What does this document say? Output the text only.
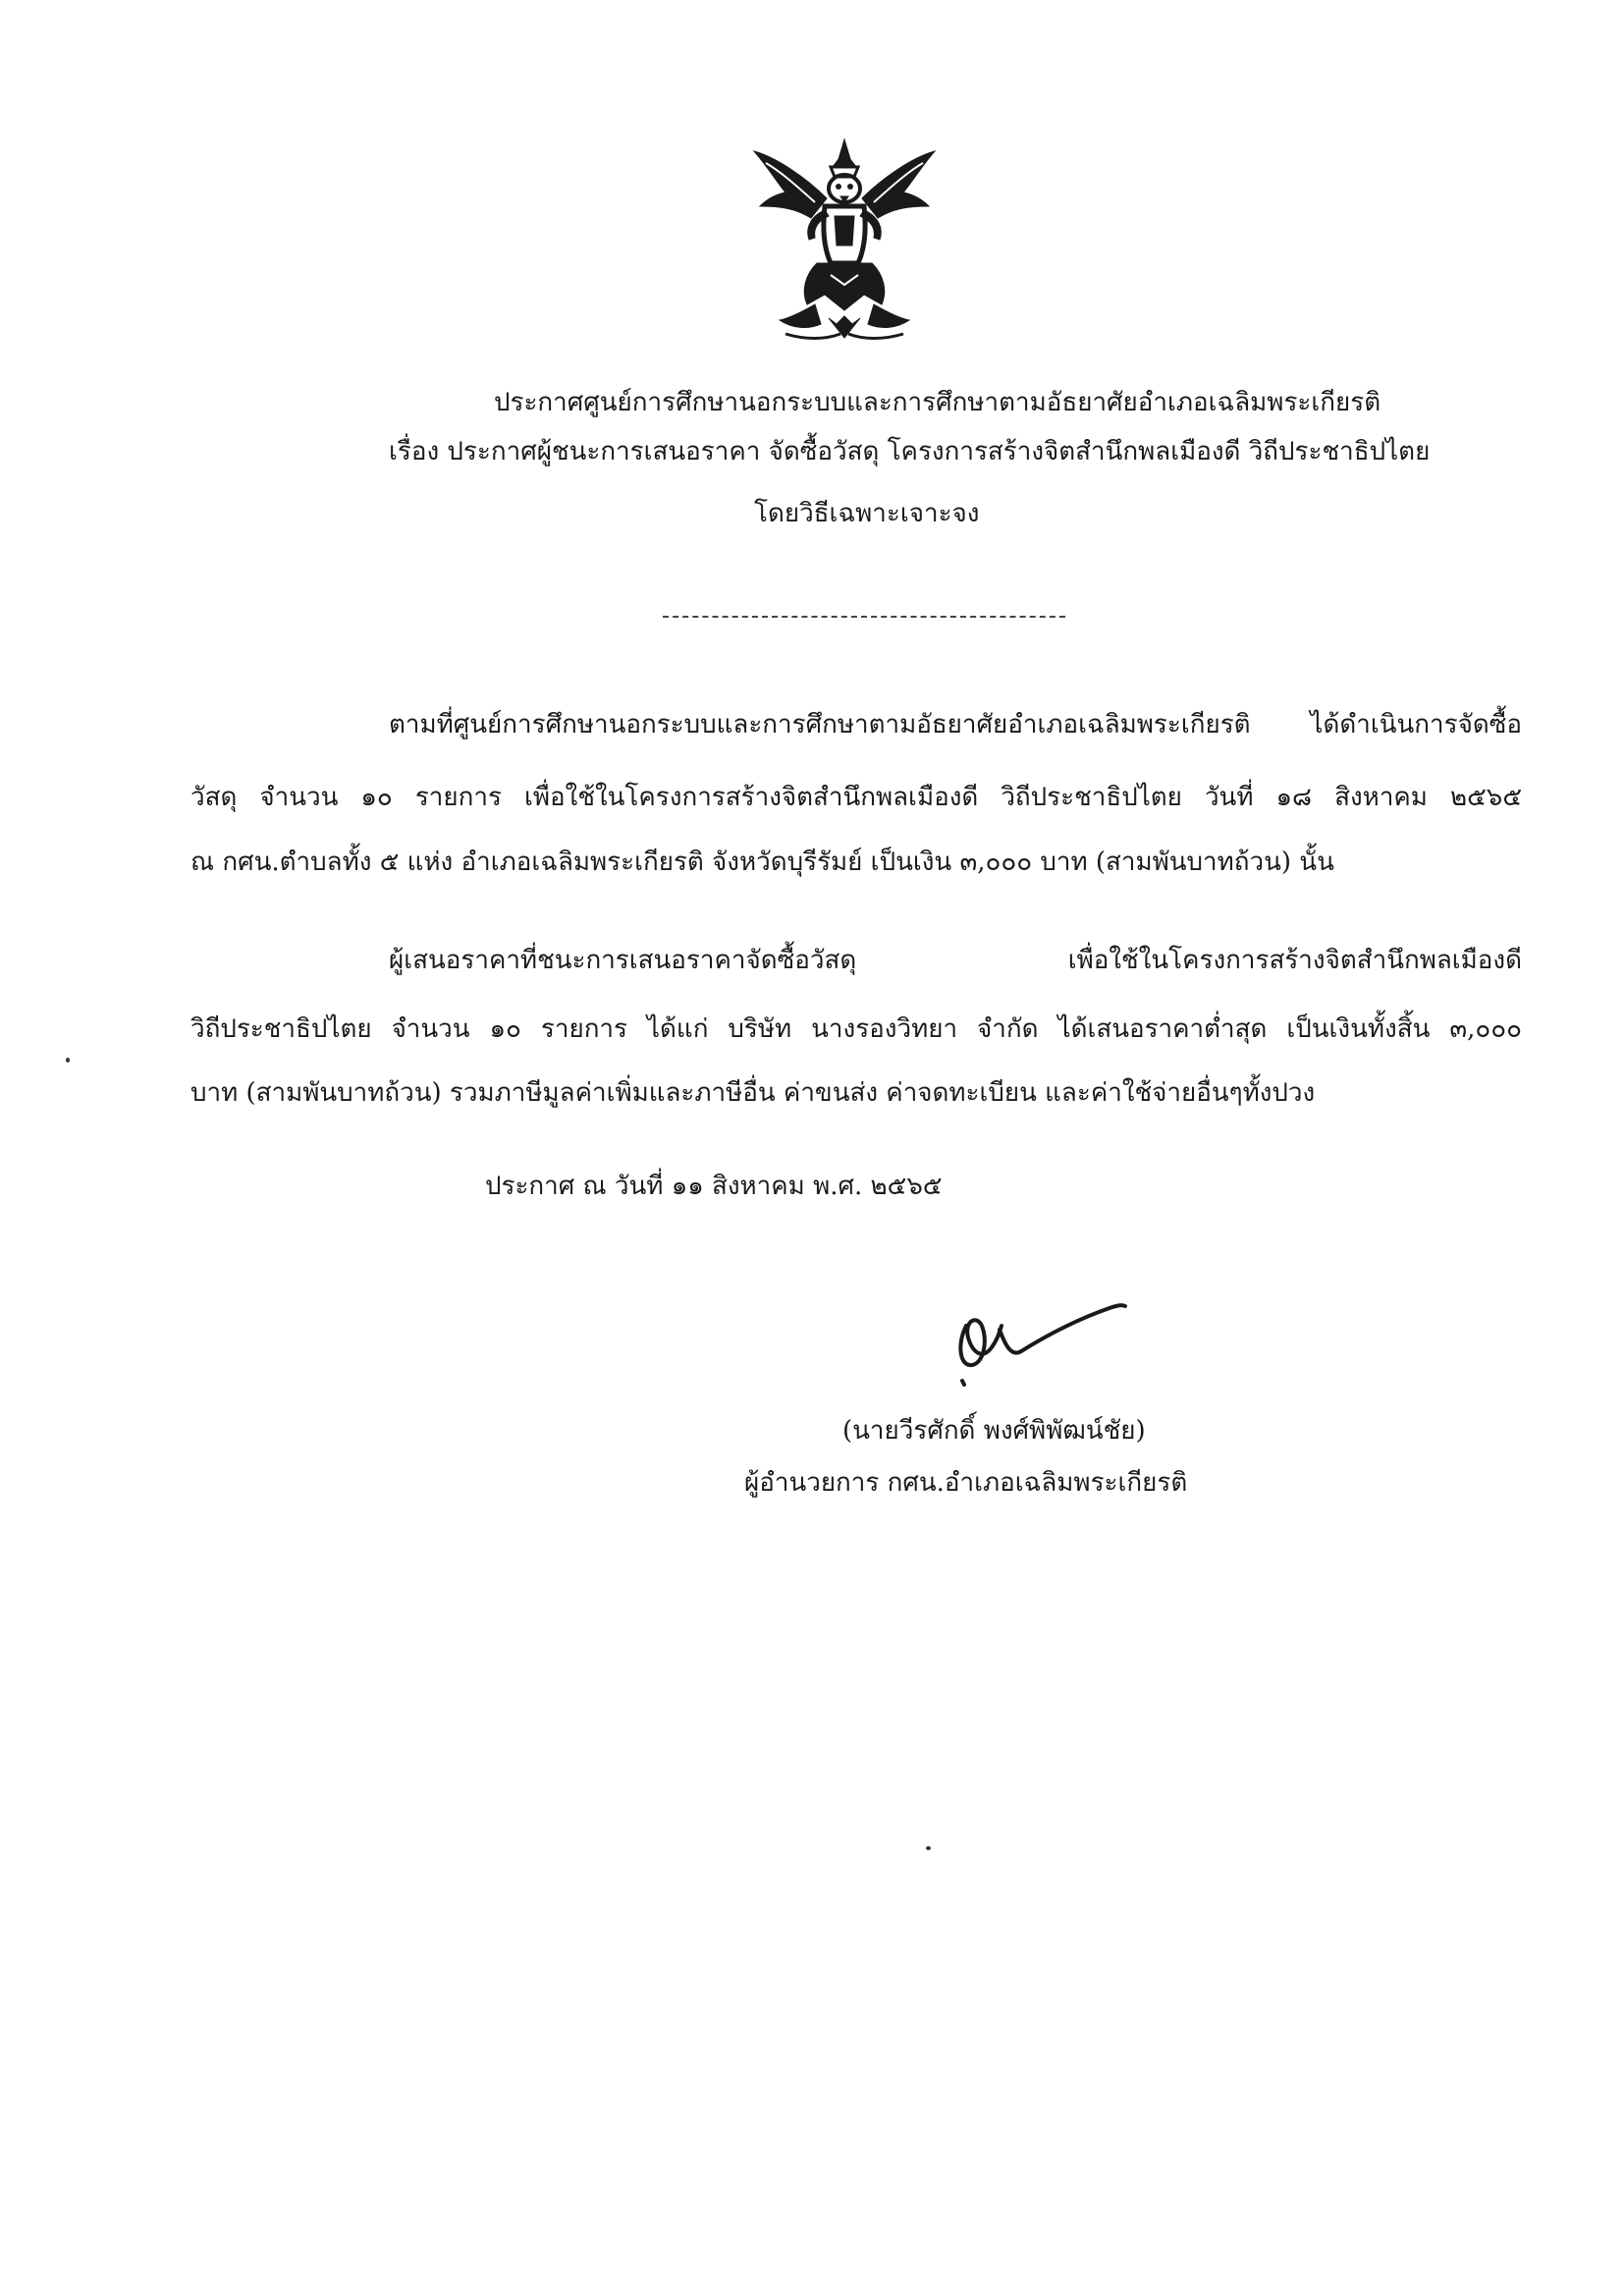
ประกาศศูนย์การศึกษานอกระบบและการศึกษาตามอัธยาศัยอำเภอเฉลิมพระเกียรติ
เรื่อง ประกาศผู้ชนะการเสนอราคา จัดซื้อวัสดุ โครงการสร้างจิตสำนึกพลเมืองดี วิถีประชาธิปไตย
โดยวิธีเฉพาะเจาะจง
ตามที่ศูนย์การศึกษานอกระบบและการศึกษาตามอัธยาศัยอำเภอเฉลิมพระเกียรติ ได้ดำเนินการจัดซื้อ
วัสดุ จำนวน ๑๐ รายการ เพื่อใช้ในโครงการสร้างจิตสำนึกพลเมืองดี วิถีประชาธิปไตย วันที่ ๑๘ สิงหาคม ๒๕๖๕
ณ กศน.ตำบลทั้ง ๕ แห่ง อำเภอเฉลิมพระเกียรติ จังหวัดบุรีรัมย์ เป็นเงิน ๓,๐๐๐ บาท (สามพันบาทถ้วน) นั้น
ผู้เสนอราคาที่ชนะการเสนอราคาจัดซื้อวัสดุ เพื่อใช้ในโครงการสร้างจิตสำนึกพลเมืองดี
วิถีประชาธิปไตย จำนวน ๑๐ รายการ ได้แก่ บริษัท นางรองวิทยา จำกัด ได้เสนอราคาต่ำสุด เป็นเงินทั้งสิ้น ๓,๐๐๐
บาท (สามพันบาทถ้วน) รวมภาษีมูลค่าเพิ่มและภาษีอื่น ค่าขนส่ง ค่าจดทะเบียน และค่าใช้จ่ายอื่นๆทั้งปวง
ประกาศ ณ วันที่ ๑๑ สิงหาคม พ.ศ. ๒๕๖๕
(นายวีรศักดิ์ พงศ์พิพัฒน์ชัย)
ผู้อำนวยการ กศน.อำเภอเฉลิมพระเกียรติ
